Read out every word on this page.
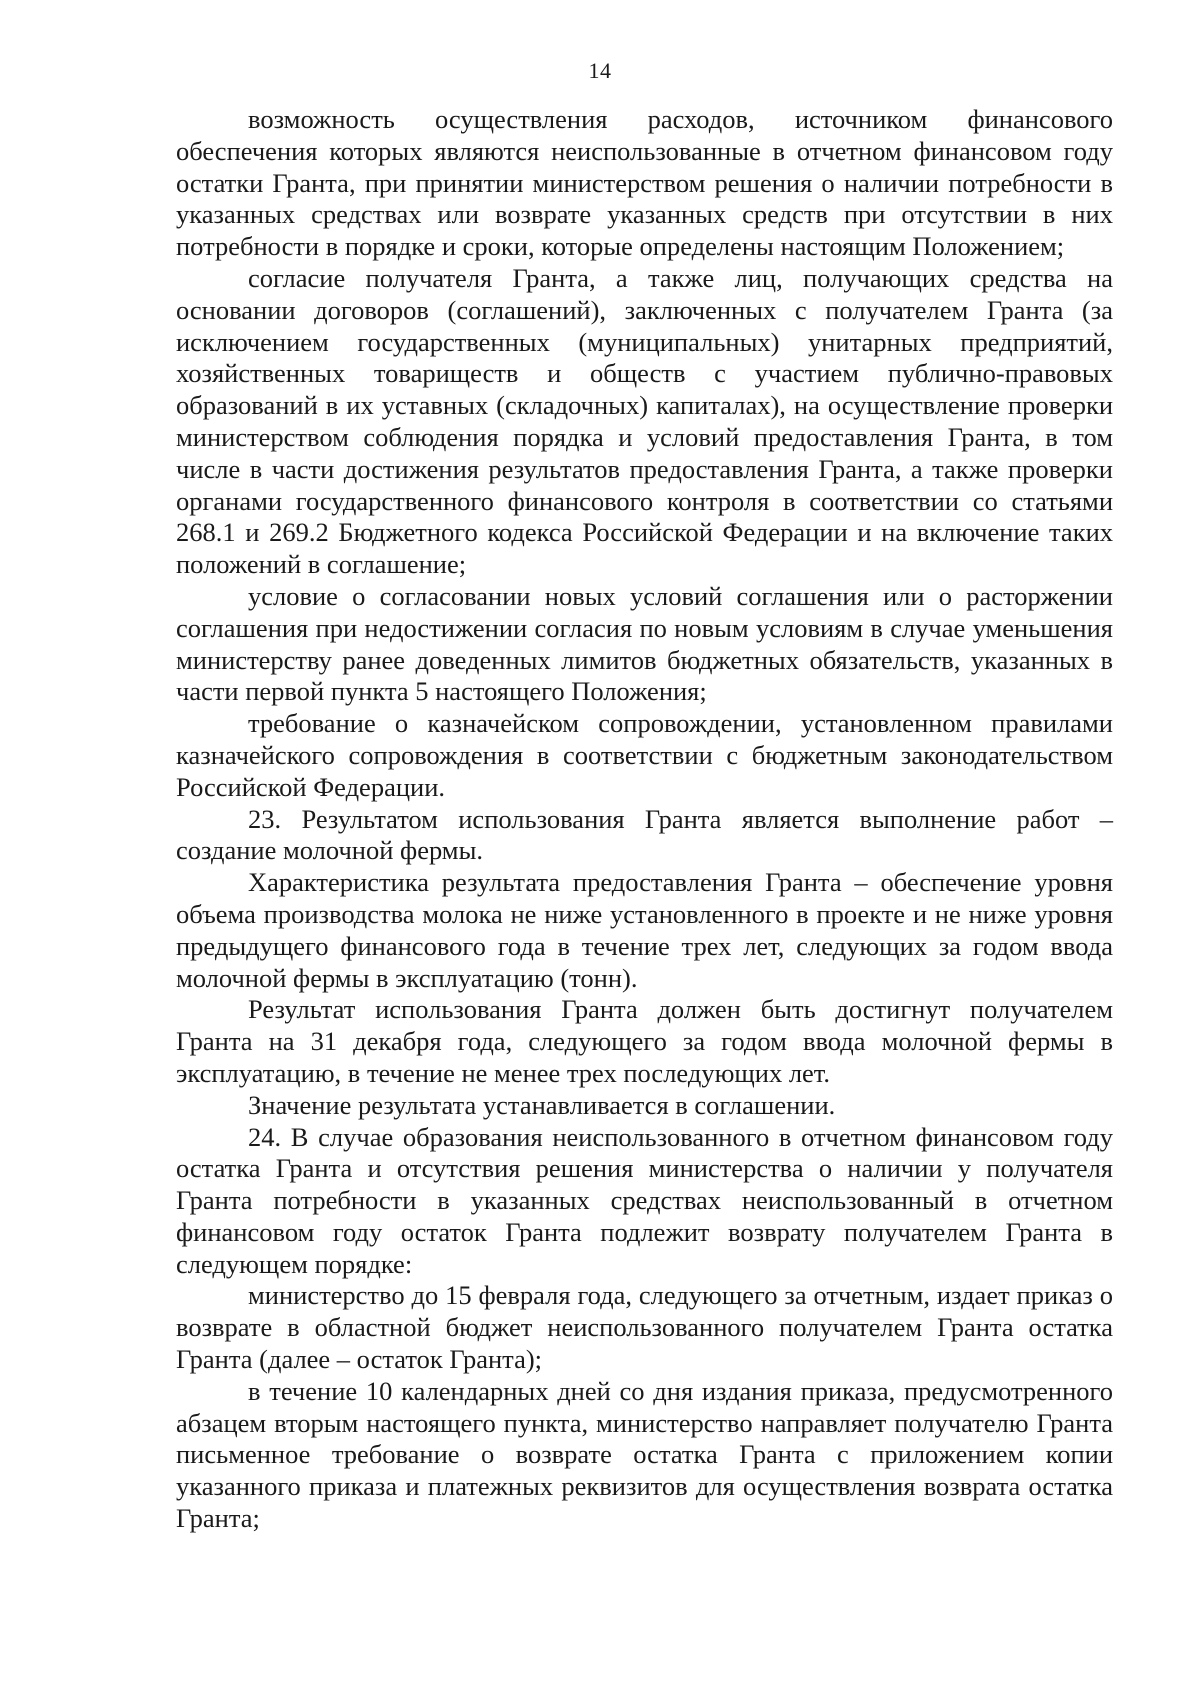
14

возможность осуществления расходов, источником финансового обеспечения которых являются неиспользованные в отчетном финансовом году остатки Гранта, при принятии министерством решения о наличии потребности в указанных средствах или возврате указанных средств при отсутствии в них потребности в порядке и сроки, которые определены настоящим Положением;

согласие получателя Гранта, а также лиц, получающих средства на основании договоров (соглашений), заключенных с получателем Гранта (за исключением государственных (муниципальных) унитарных предприятий, хозяйственных товариществ и обществ с участием публично-правовых образований в их уставных (складочных) капиталах), на осуществление проверки министерством соблюдения порядка и условий предоставления Гранта, в том числе в части достижения результатов предоставления Гранта, а также проверки органами государственного финансового контроля в соответствии со статьями 268.1 и 269.2 Бюджетного кодекса Российской Федерации и на включение таких положений в соглашение;

условие о согласовании новых условий соглашения или о расторжении соглашения при недостижении согласия по новым условиям в случае уменьшения министерству ранее доведенных лимитов бюджетных обязательств, указанных в части первой пункта 5 настоящего Положения;

требование о казначейском сопровождении, установленном правилами казначейского сопровождения в соответствии с бюджетным законодательством Российской Федерации.

23. Результатом использования Гранта является выполнение работ – создание молочной фермы.

Характеристика результата предоставления Гранта – обеспечение уровня объема производства молока не ниже установленного в проекте и не ниже уровня предыдущего финансового года в течение трех лет, следующих за годом ввода молочной фермы в эксплуатацию (тонн).

Результат использования Гранта должен быть достигнут получателем Гранта на 31 декабря года, следующего за годом ввода молочной фермы в эксплуатацию, в течение не менее трех последующих лет.

Значение результата устанавливается в соглашении.

24. В случае образования неиспользованного в отчетном финансовом году остатка Гранта и отсутствия решения министерства о наличии у получателя Гранта потребности в указанных средствах неиспользованный в отчетном финансовом году остаток Гранта подлежит возврату получателем Гранта в следующем порядке:

министерство до 15 февраля года, следующего за отчетным, издает приказ о возврате в областной бюджет неиспользованного получателем Гранта остатка Гранта (далее – остаток Гранта);

в течение 10 календарных дней со дня издания приказа, предусмотренного абзацем вторым настоящего пункта, министерство направляет получателю Гранта письменное требование о возврате остатка Гранта с приложением копии указанного приказа и платежных реквизитов для осуществления возврата остатка Гранта;
